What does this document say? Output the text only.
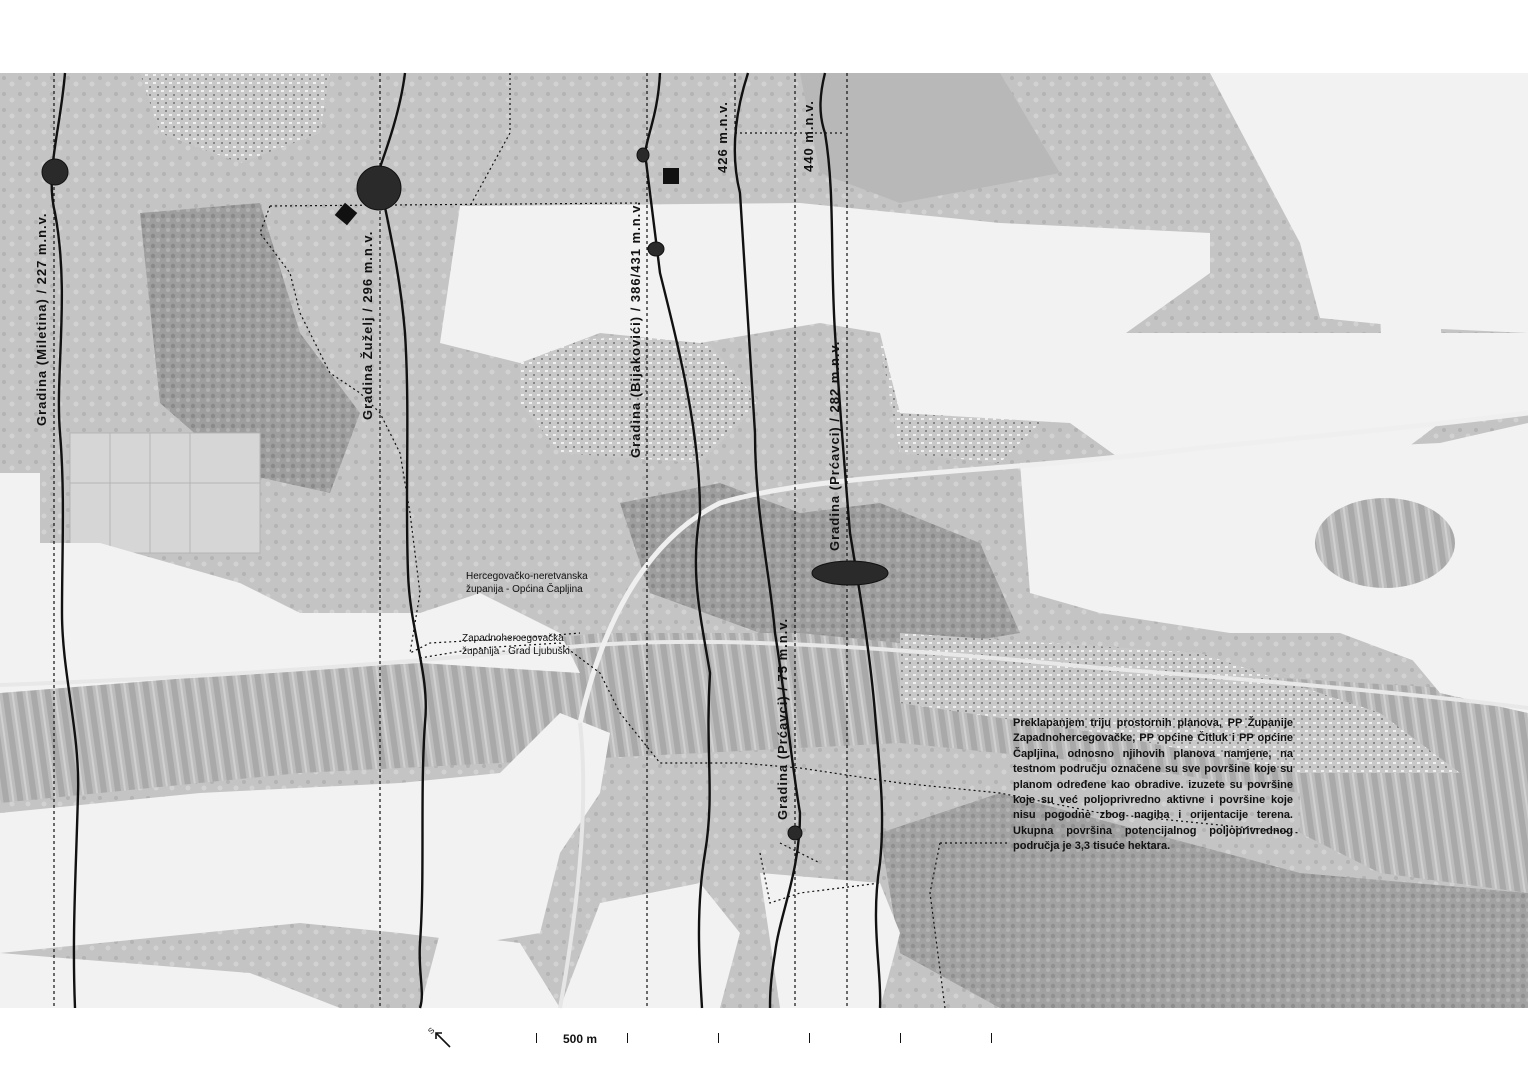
Gradina (Miletina) / 227 m.n.v.	Gradina Žuželj / 296 m.n.v.	Gradina (Bijakovići) / 386/431 m.n.v.
426 m.n.v.	440 m.n.v.
Gradina (Prćavci) / 282 m.n.v.
Gradina (Prćavci) / 75 m.n.v.
Hercegovačko-neretvanska
županija - Općina Čapljina
Zapadnohercegovačka
županija - Grad Ljubuški
Preklapanjem triju prostornih planova, PP Županije Zapadnohercegovačke, PP općine Čitluk i PP općine Čapljina, odnosno njihovih planova namjene, na testnom području označene su sve površine koje su planom određene kao obradive. izuzete su površine koje su već poljoprivredno aktivne i površine koje nisu pogodne zbog nagiba i orijentacije terena. Ukupna površina potencijalnog poljoprivrednog područja je 3,3 tisuće hektara.
S
500 m
